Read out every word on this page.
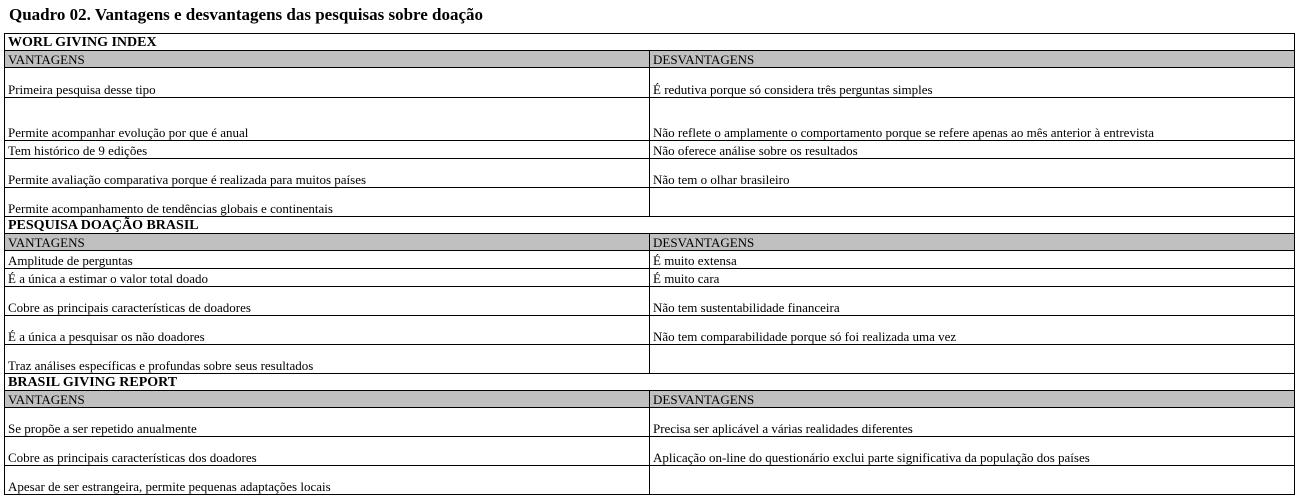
Quadro 02. Vantagens e desvantagens das pesquisas sobre doação
WORL GIVING INDEX	
VANTAGENS	DESVANTAGENS
Primeira pesquisa desse tipo	É redutiva porque só considera três perguntas simples
Permite acompanhar evolução por que é anual	Não reflete o amplamente o comportamento porque se refere apenas ao mês anterior à entrevista
Tem histórico de 9 edições	Não oferece análise sobre os resultados
Permite avaliação comparativa porque é realizada para muitos países	Não tem o olhar brasileiro
Permite acompanhamento de tendências globais e continentais	
PESQUISA DOAÇÃO BRASIL	
VANTAGENS	DESVANTAGENS
Amplitude de perguntas	É muito extensa
É a única a estimar o valor total doado	É muito cara
Cobre as principais características de doadores	Não tem sustentabilidade financeira
É a única a pesquisar os não doadores	Não tem comparabilidade porque só foi realizada uma vez
Traz análises específicas e profundas sobre seus resultados	
BRASIL GIVING REPORT	
VANTAGENS	DESVANTAGENS
Se propõe a ser repetido anualmente	Precisa ser aplicável a várias realidades diferentes
Cobre as principais características dos doadores	Aplicação on-line do questionário exclui parte significativa da população dos países
Apesar de ser estrangeira, permite pequenas adaptações locais	
